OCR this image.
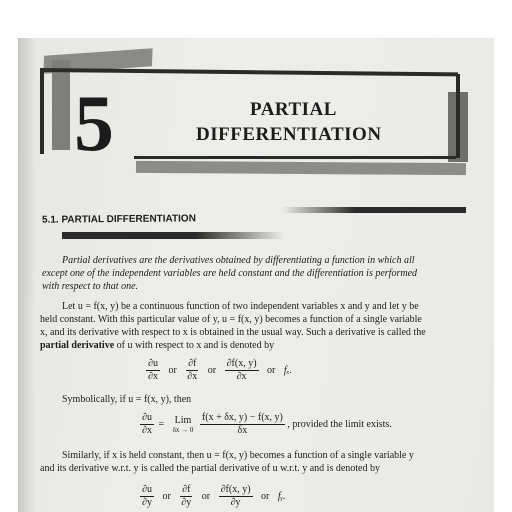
5	PARTIAL
DIFFERENTIATION
5.1. PARTIAL DIFFERENTIATION
Partial derivatives are the derivatives obtained by differentiating a function in which all
except one of the independent variables are held constant and the differentiation is performed
with respect to that one.
Let u = f(x, y) be a continuous function of two independent variables x and y and let y be
held constant. With this particular value of y, u = f(x, y) becomes a function of a single variable
x, and its derivative with respect to x is obtained in the usual way. Such a derivative is called the
partial derivative of u with respect to x and is denoted by
$\frac{\partial u}{\partial x}$ or $\frac{\partial f}{\partial x}$ or $\frac{\partial f(x, y)}{\partial x}$ or fₓ.
Symbolically, if u = f(x, y), then
$\frac{\partial u}{\partial x}$ = Lim
δx → 0
$\frac{f(x + \delta x, y) - f(x, y)}{\delta x}$ , provided the limit exists.
Similarly, if x is held constant, then u = f(x, y) becomes a function of a single variable y
and its derivative w.r.t. y is called the partial derivative of u w.r.t. y and is denoted by
$\frac{\partial u}{\partial y}$ or $\frac{\partial f}{\partial y}$ or $\frac{\partial f(x, y)}{\partial y}$ or fᵧ.
